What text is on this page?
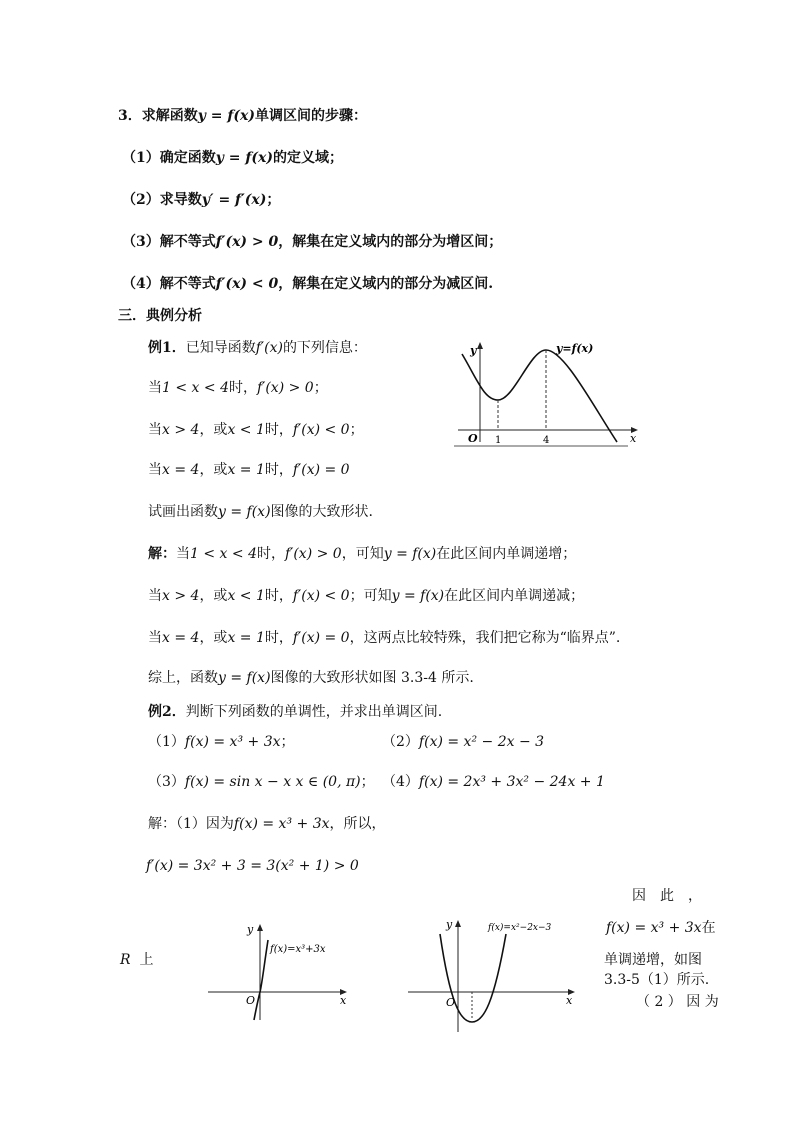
3．求解函数y = f(x)单调区间的步骤：
（1）确定函数y = f(x)的定义域；
（2）求导数y′ = f′(x)；
（3）解不等式f′(x) > 0，解集在定义域内的部分为增区间；
（4）解不等式f′(x) < 0，解集在定义域内的部分为减区间.
三．典例分析
例1．已知导函数f′(x)的下列信息：
当1 < x < 4时，f′(x) > 0；
当x > 4，或x < 1时，f′(x) < 0；
当x = 4，或x = 1时，f′(x) = 0
试画出函数y = f(x)图像的大致形状.
解：当1 < x < 4时，f′(x) > 0，可知y = f(x)在此区间内单调递增；
当x > 4，或x < 1时，f′(x) < 0；可知y = f(x)在此区间内单调递减；
当x = 4，或x = 1时，f′(x) = 0，这两点比较特殊，我们把它称为“临界点”.
综上，函数y = f(x)图像的大致形状如图 3.3-4 所示.
y	y=f(x)
O 1	4	x
例2．判断下列函数的单调性，并求出单调区间.
（1）f(x) = x³ + 3x；	（2）f(x) = x² − 2x − 3
（3）f(x) = sin x − x x ∈ (0, π)； （4）f(x) = 2x³ + 3x² − 24x + 1
解：（1）因为f(x) = x³ + 3x，所以，
f′(x) = 3x² + 3 = 3(x² + 1) > 0
因　此　，
f(x) = x³ + 3x在
单调递增，如图
3.3-5（1）所示.
（ 2 ） 因 为
R 上
y
f(x)=x³+3x
O	x
y	f(x)=x²−2x−3
O	x
